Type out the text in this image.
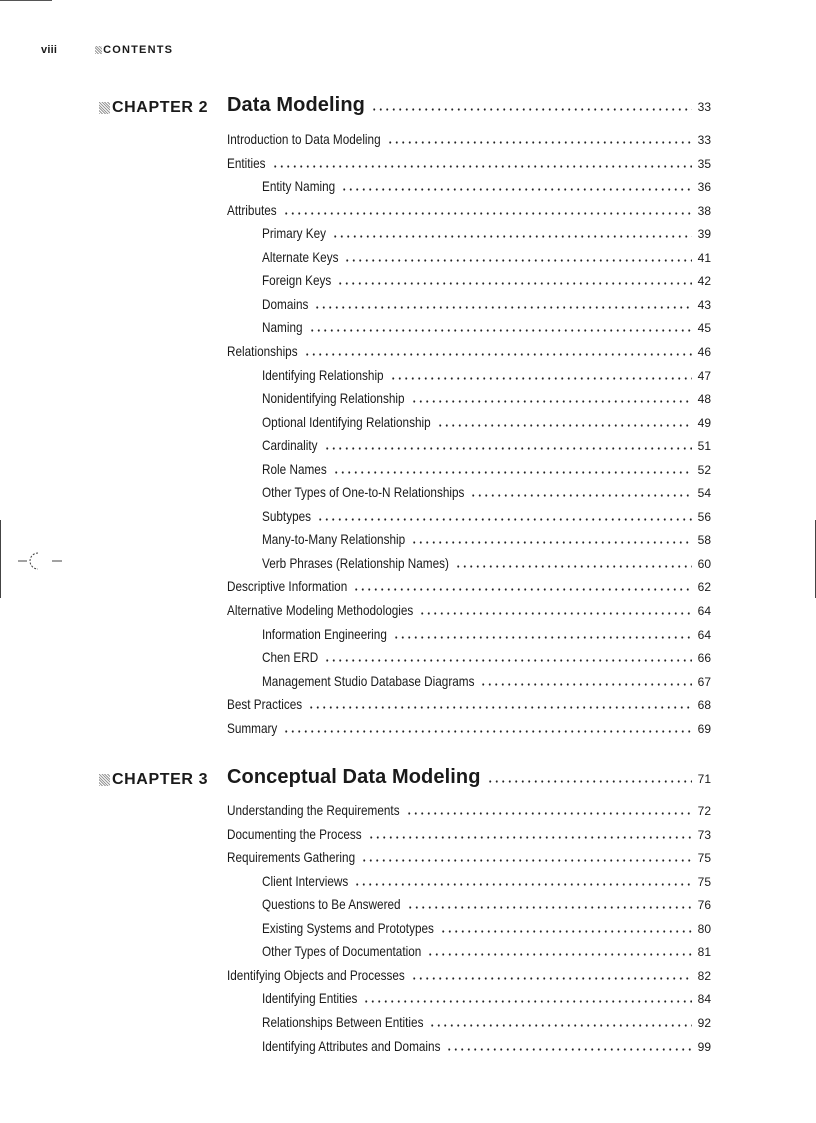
viii	CONTENTS
CHAPTER 2 Data Modeling	33
Introduction to Data Modeling	33
Entities	35
Entity Naming	36
Attributes	38
Primary Key	39
Alternate Keys	41
Foreign Keys	42
Domains	43
Naming	45
Relationships	46
Identifying Relationship	47
Nonidentifying Relationship	48
Optional Identifying Relationship	49
Cardinality	51
Role Names	52
Other Types of One-to-N Relationships	54
Subtypes	56
Many-to-Many Relationship	58
Verb Phrases (Relationship Names)	60
Descriptive Information	62
Alternative Modeling Methodologies	64
Information Engineering	64
Chen ERD	66
Management Studio Database Diagrams	67
Best Practices	68
Summary	69
CHAPTER 3 Conceptual Data Modeling	71
Understanding the Requirements	72
Documenting the Process	73
Requirements Gathering	75
Client Interviews	75
Questions to Be Answered	76
Existing Systems and Prototypes	80
Other Types of Documentation	81
Identifying Objects and Processes	82
Identifying Entities	84
Relationships Between Entities	92
Identifying Attributes and Domains	99
